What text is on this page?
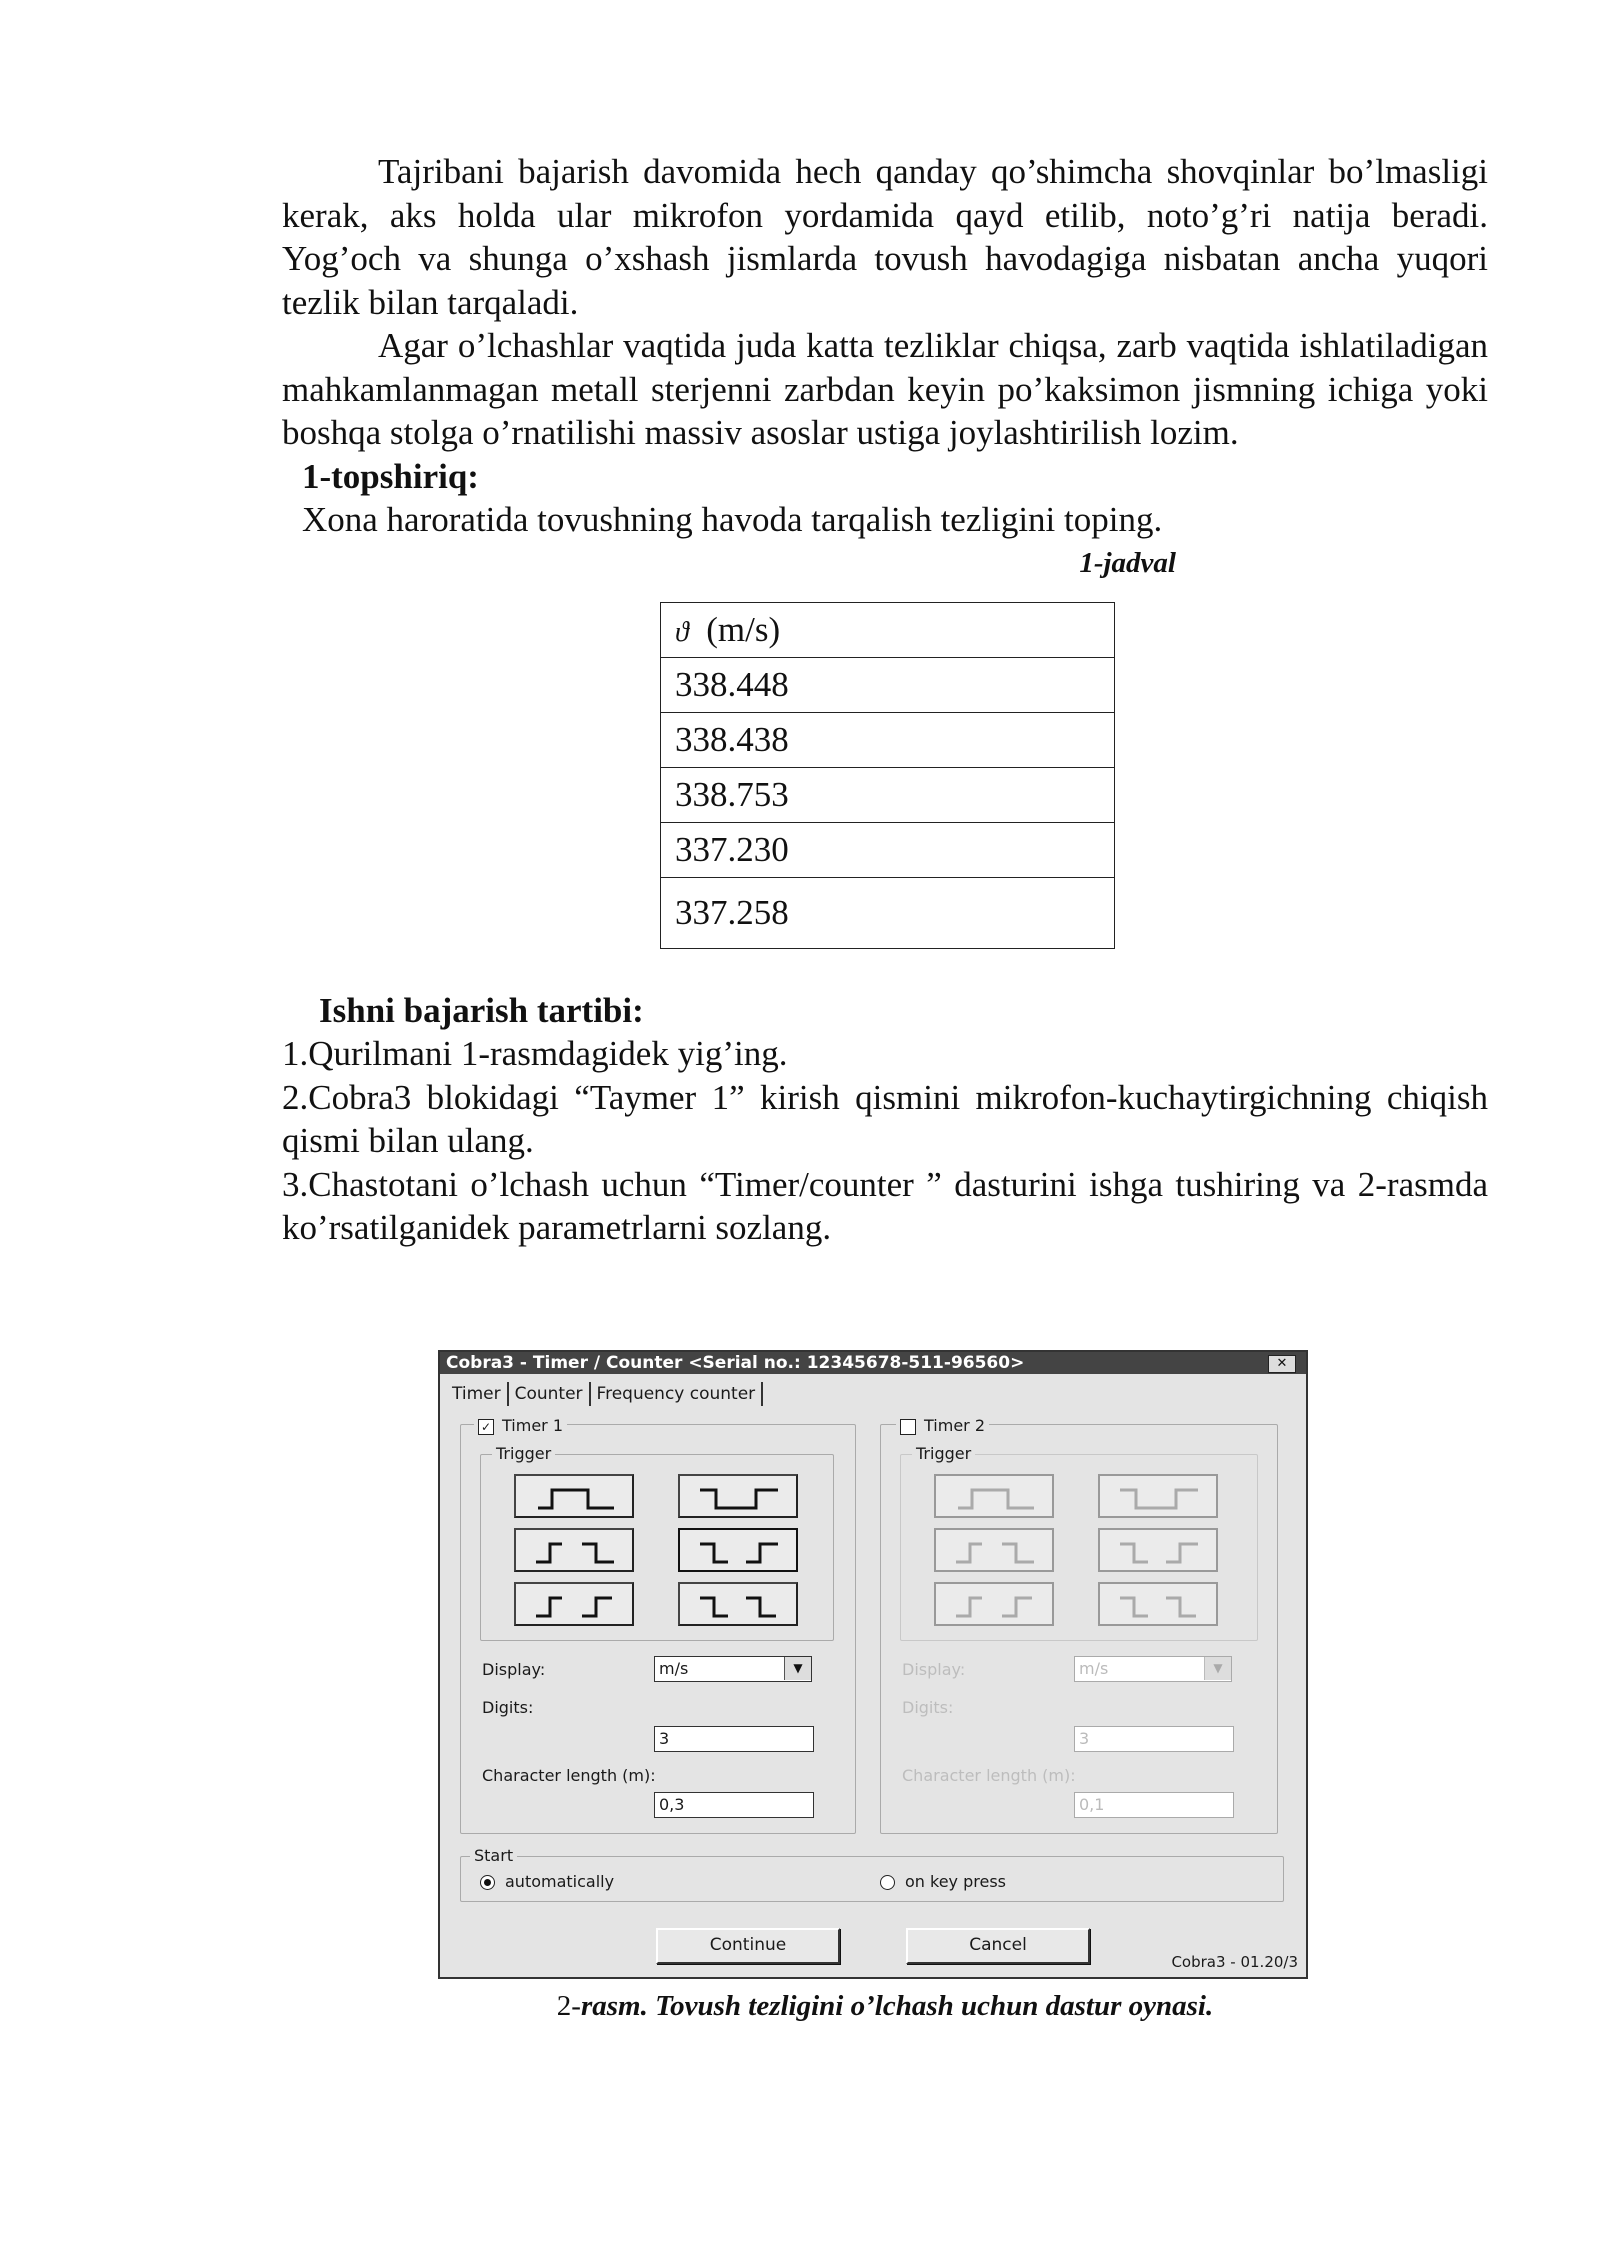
Tajribani bajarish davomida hech qanday qo’shimcha shovqinlar bo’lmasligi kerak, aks holda ular mikrofon yordamida qayd etilib, noto’g’ri natija beradi. Yog’och va shunga o’xshash jismlarda tovush havodagiga nisbatan ancha yuqori tezlik bilan tarqaladi.

Agar o’lchashlar vaqtida juda katta tezliklar chiqsa, zarb vaqtida ishlatiladigan mahkamlanmagan metall sterjenni zarbdan keyin po’kaksimon jismning ichiga yoki boshqa stolga o’rnatilishi massiv asoslar ustiga joylashtirilish lozim.

1-topshiriq:

Xona haroratida tovushning havoda tarqalish tezligini toping.

1-jadval
ϑ (m/s)
338.448
338.438
338.753
337.230
337.258

Ishni bajarish tartibi:

1.Qurilmani 1-rasmdagidek yig’ing.

2.Cobra3 blokidagi “Taymer 1” kirish qismini mikrofon-kuchaytirgichning chiqish qismi bilan ulang.

3.Chastotani o’lchash uchun “Timer/counter ” dasturini ishga tushiring va 2-rasmda ko’rsatilganidek parametrlarni sozlang.

Cobra3 - Timer / Counter <Serial no.: 12345678-511-96560>	✕
Timer Counter Frequency counter
✓ Timer 1
Trigger
Display:	m/s	▼
Digits:
3
Character length (m):
0,3
Timer 2
Trigger
Display:	m/s	▼
Digits:
3
Character length (m):
0,1
Start
automatically	on key press
Continue	Cancel
Cobra3 - 01.20/3
2-rasm. Tovush tezligini o’lchash uchun dastur oynasi.
